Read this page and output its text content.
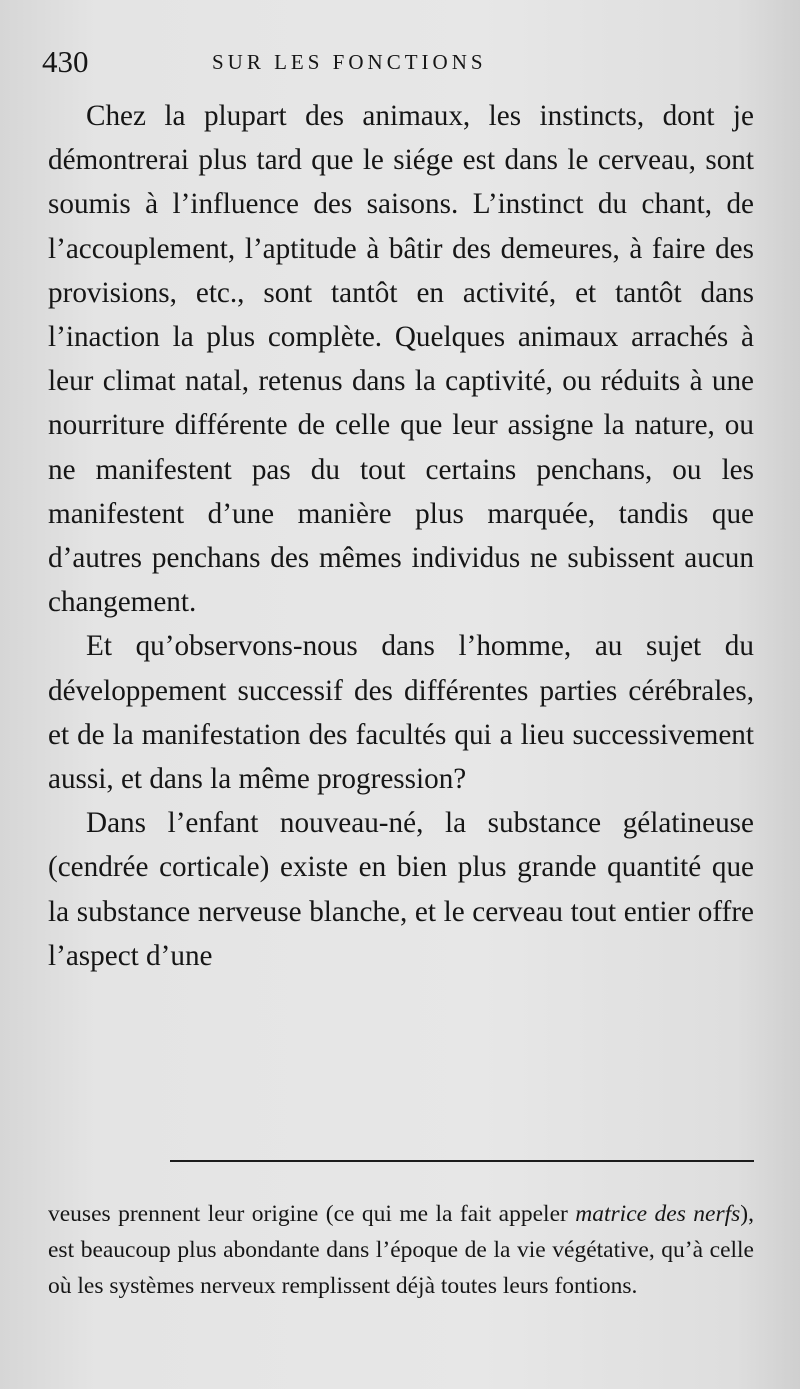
430	SUR LES FONCTIONS

Chez la plupart des animaux, les instincts, dont je démontrerai plus tard que le siége est dans le cerveau, sont soumis à l’influence des saisons. L’instinct du chant, de l’accouplement, l’aptitude à bâtir des demeures, à faire des provisions, etc., sont tantôt en activité, et tantôt dans l’inaction la plus complète. Quelques animaux arrachés à leur climat natal, retenus dans la captivité, ou réduits à une nourriture différente de celle que leur assigne la nature, ou ne manifestent pas du tout certains penchans, ou les manifestent d’une manière plus marquée, tandis que d’autres penchans des mêmes individus ne subissent aucun changement.

Et qu’observons-nous dans l’homme, au sujet du développement successif des différentes parties cérébrales, et de la manifestation des facultés qui a lieu successivement aussi, et dans la même progression?

Dans l’enfant nouveau-né, la substance gélatineuse (cendrée corticale) existe en bien plus grande quantité que la substance nerveuse blanche, et le cerveau tout entier offre l’aspect d’une

veuses prennent leur origine (ce qui me la fait appeler matrice des nerfs), est beaucoup plus abondante dans l’époque de la vie végétative, qu’à celle où les systèmes nerveux remplissent déjà toutes leurs fontions.
